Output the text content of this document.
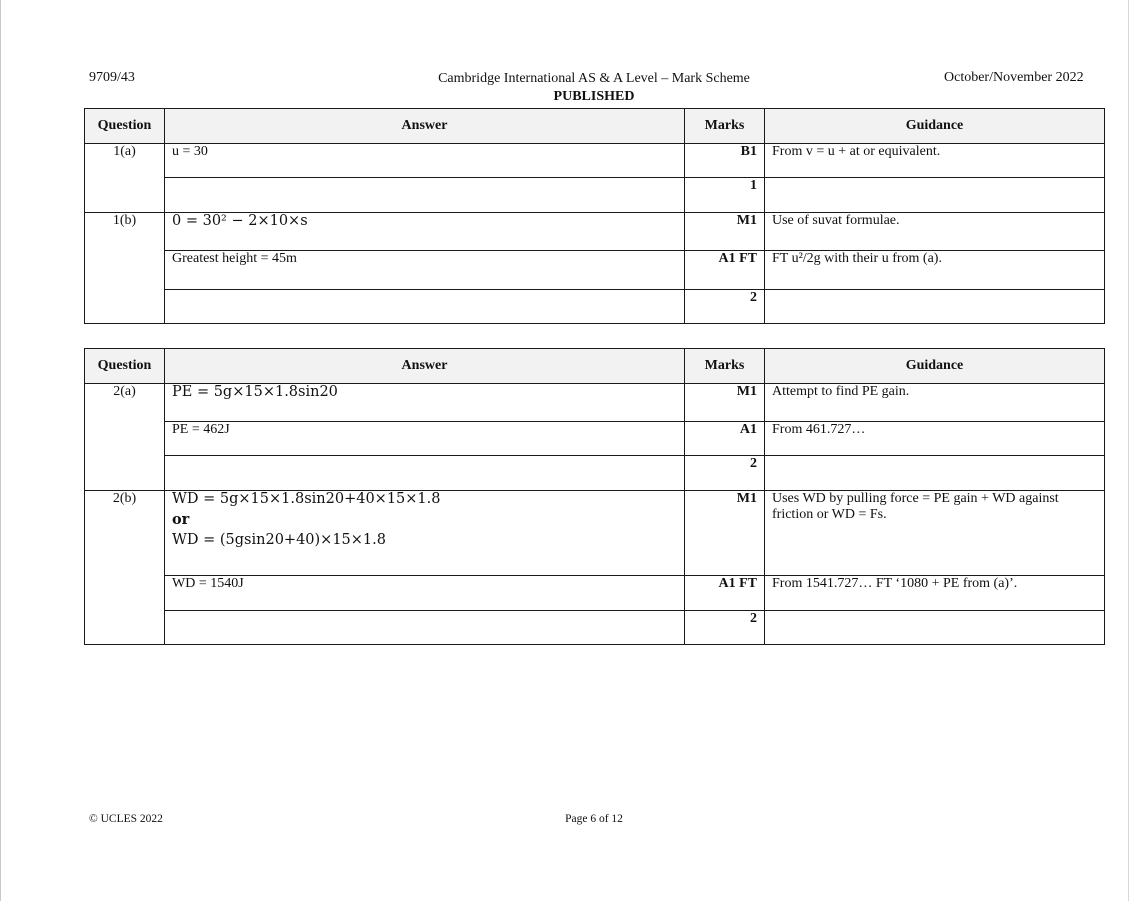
9709/43	Cambridge International AS & A Level – Mark Scheme
PUBLISHED
October/November 2022
Question	Answer	Marks	Guidance
1(a)	u = 30	B1	From v = u + at or equivalent.
		1	
1(b)	0 = 30² − 2×10×s	M1	Use of suvat formulae.
	Greatest height = 45m	A1 FT	FT u²/2g with their u from (a).
		2	
Question	Answer	Marks	Guidance
2(a)	PE = 5g×15×1.8sin20	M1	Attempt to find PE gain.
	PE = 462J	A1	From 461.727…
		2	
2(b)	WD = 5g×15×1.8sin20+40×15×1.8
or
WD = (5gsin20+40)×15×1.8	M1	Uses WD by pulling force = PE gain + WD against friction or WD = Fs.
	WD = 1540J	A1 FT	From 1541.727… FT ‘1080 + PE from (a)’.
		2	
© UCLES 2022	Page 6 of 12
